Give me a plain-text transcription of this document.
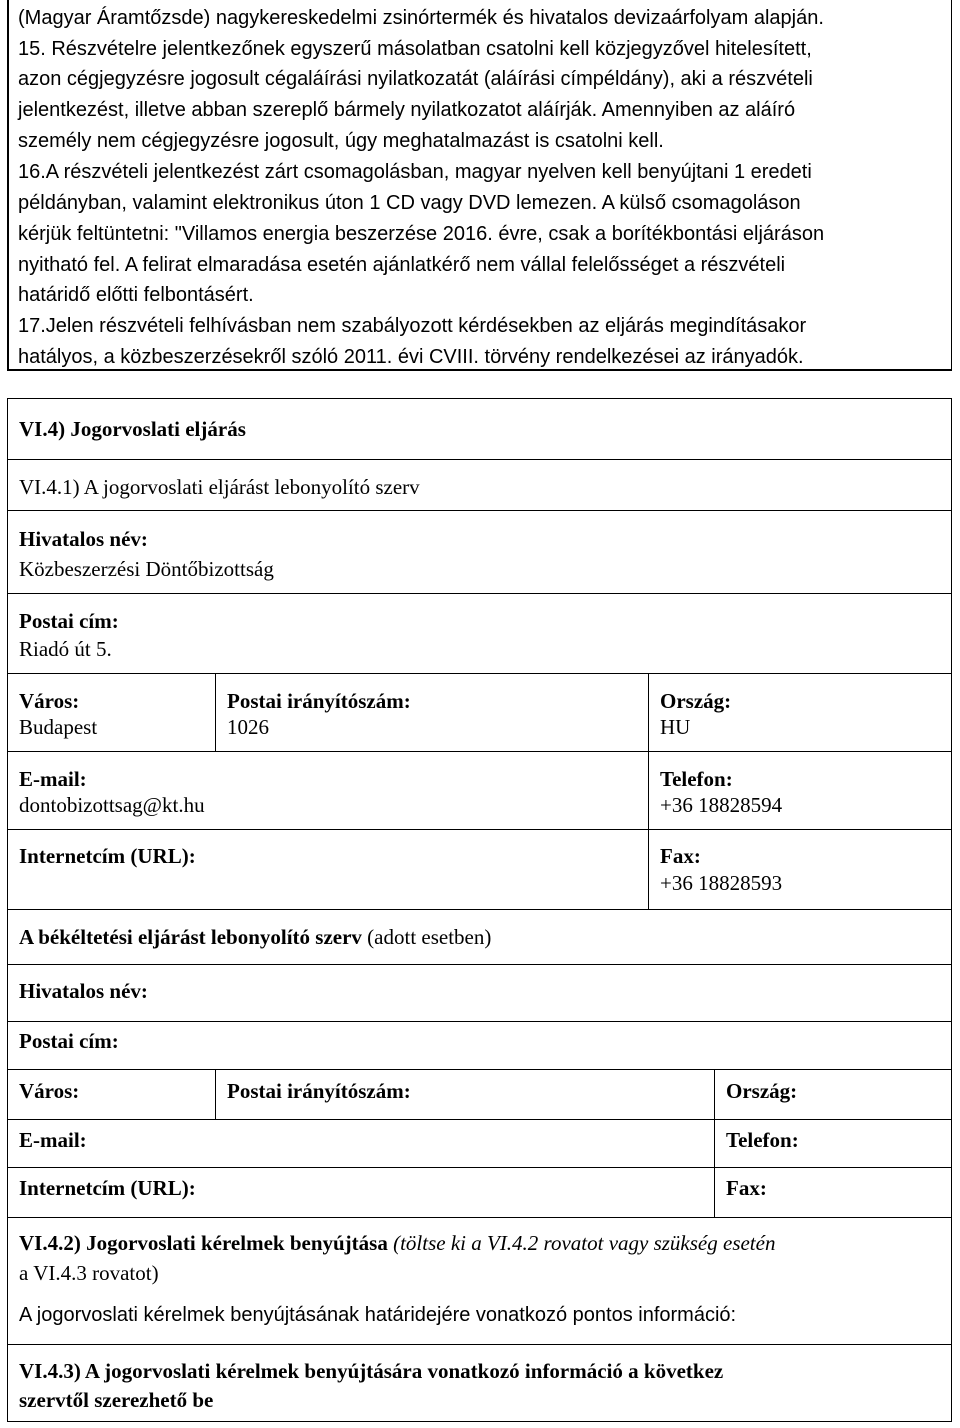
(Magyar Áramtőzsde) nagykereskedelmi zsinórtermék és hivatalos devizaárfolyam alapján.
15. Részvételre jelentkezőnek egyszerű másolatban csatolni kell közjegyzővel hitelesített,
azon cégjegyzésre jogosult cégaláírási nyilatkozatát (aláírási címpéldány), aki a részvételi
jelentkezést, illetve abban szereplő bármely nyilatkozatot aláírják. Amennyiben az aláíró
személy nem cégjegyzésre jogosult, úgy meghatalmazást is csatolni kell.
16.A részvételi jelentkezést zárt csomagolásban, magyar nyelven kell benyújtani 1 eredeti
példányban, valamint elektronikus úton 1 CD vagy DVD lemezen. A külső csomagoláson
kérjük feltüntetni: "Villamos energia beszerzése 2016. évre, csak a borítékbontási eljáráson
nyitható fel. A felirat elmaradása esetén ajánlatkérő nem vállal felelősséget a részvételi
határidő előtti felbontásért.
17.Jelen részvételi felhívásban nem szabályozott kérdésekben az eljárás megindításakor
hatályos, a közbeszerzésekről szóló 2011. évi CVIII. törvény rendelkezései az irányadók.
VI.4) Jogorvoslati eljárás
VI.4.1) A jogorvoslati eljárást lebonyolító szerv
Hivatalos név:
Közbeszerzési Döntőbizottság
Postai cím:
Riadó út 5.
Város:
Budapest
Postai irányítószám:
1026
Ország:
HU
E-mail:
dontobizottsag@kt.hu
Telefon:
+36 18828594
Internetcím (URL):	Fax:
+36 18828593
A békéltetési eljárást lebonyolító szerv (adott esetben)
Hivatalos név:
Postai cím:
Város:	Postai irányítószám:	Ország:
E-mail:	Telefon:
Internetcím (URL):	Fax:
VI.4.2) Jogorvoslati kérelmek benyújtása (töltse ki a VI.4.2 rovatot vagy szükség esetén
a VI.4.3 rovatot)
A jogorvoslati kérelmek benyújtásának határidejére vonatkozó pontos információ:
VI.4.3) A jogorvoslati kérelmek benyújtására vonatkozó információ a következ
szervtől szerezhető be
